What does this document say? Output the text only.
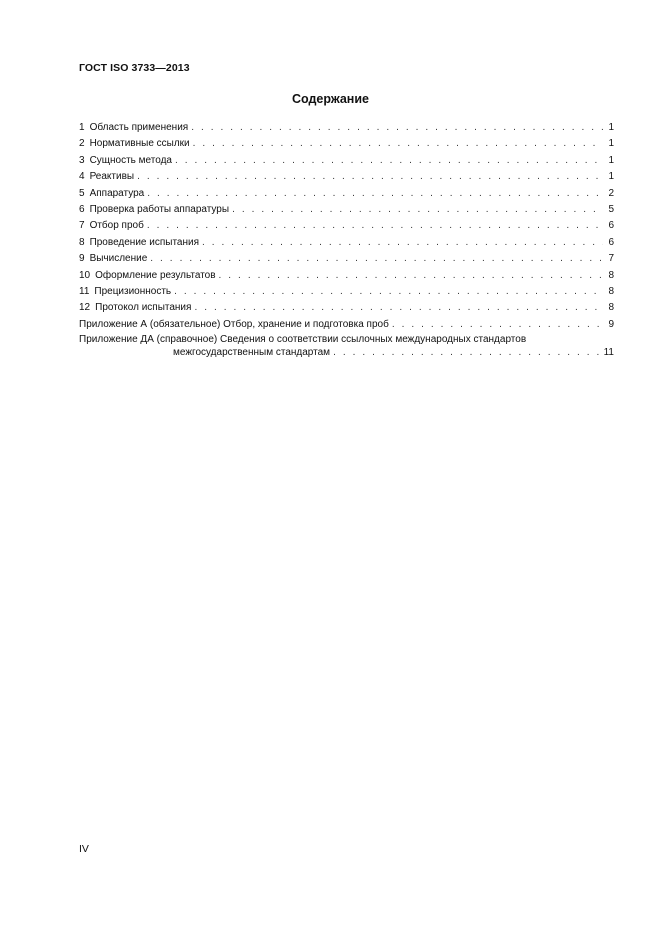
ГОСТ ISO 3733—2013
Содержание
1 Область применения . . .	1
2 Нормативные ссылки . . .	1
3 Сущность метода . . .	1
4 Реактивы . . .	1
5 Аппаратура . . .	2
6 Проверка работы аппаратуры . . .	5
7 Отбор проб . . .	6
8 Проведение испытания . . .	6
9 Вычисление . . .	7
10 Оформление результатов . . .	8
11 Прецизионность . . .	8
12 Протокол испытания . . .	8
Приложение А (обязательное) Отбор, хранение и подготовка проб . . .	9
Приложение ДА (справочное) Сведения о соответствии ссылочных международных стандартов
межгосударственным стандартам . . .	11
IV
